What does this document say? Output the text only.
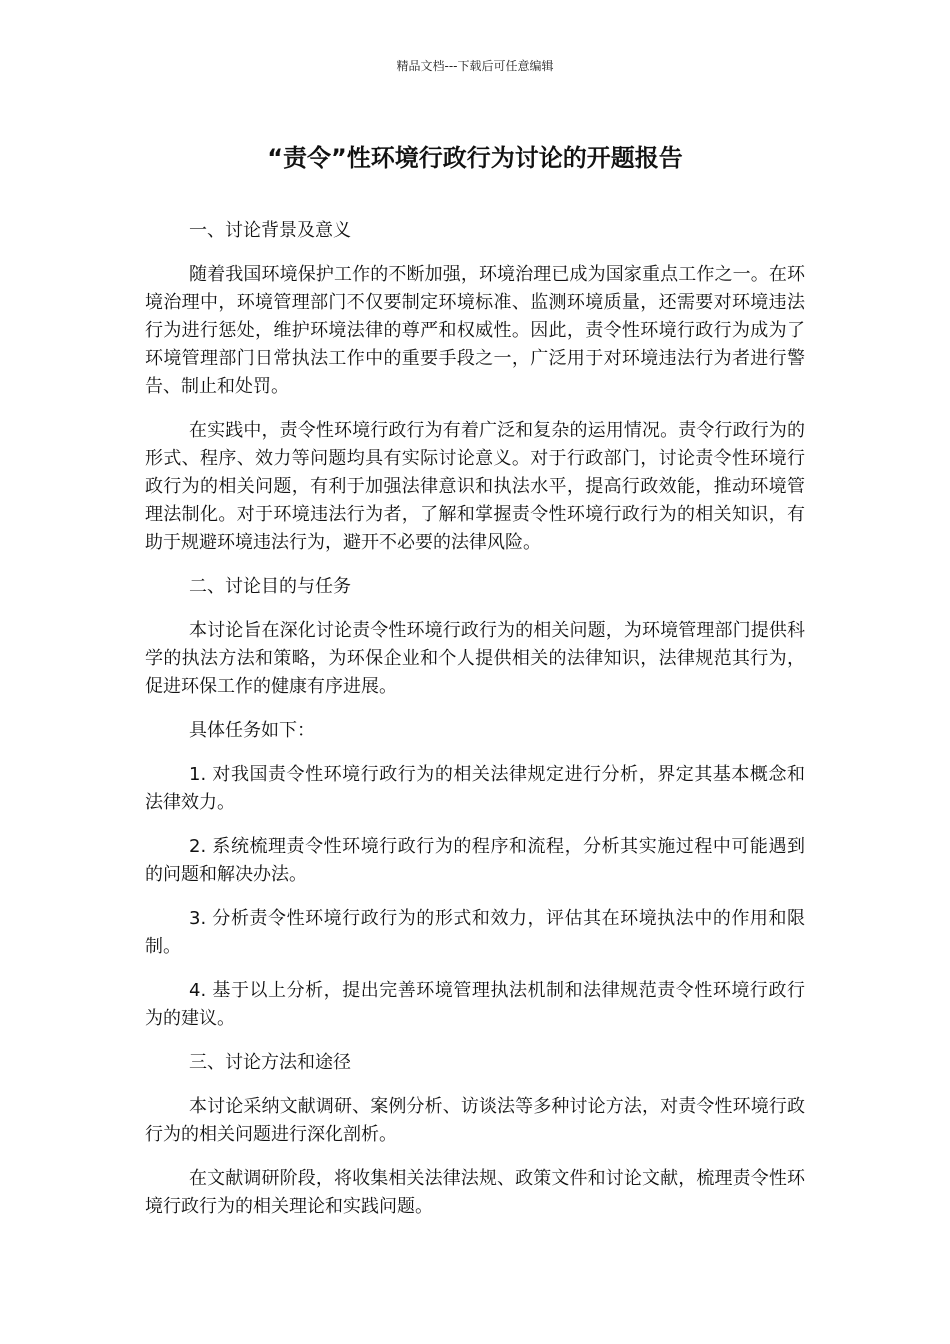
精品文档---下载后可任意编辑
“责令”性环境行政行为讨论的开题报告

一、讨论背景及意义

随着我国环境保护工作的不断加强，环境治理已成为国家重点工作之一。在环境治理中，环境管理部门不仅要制定环境标准、监测环境质量，还需要对环境违法行为进行惩处，维护环境法律的尊严和权威性。因此，责令性环境行政行为成为了环境管理部门日常执法工作中的重要手段之一，广泛用于对环境违法行为者进行警告、制止和处罚。

在实践中，责令性环境行政行为有着广泛和复杂的运用情况。责令行政行为的形式、程序、效力等问题均具有实际讨论意义。对于行政部门，讨论责令性环境行政行为的相关问题，有利于加强法律意识和执法水平，提高行政效能，推动环境管理法制化。对于环境违法行为者，了解和掌握责令性环境行政行为的相关知识，有助于规避环境违法行为，避开不必要的法律风险。

二、讨论目的与任务

本讨论旨在深化讨论责令性环境行政行为的相关问题，为环境管理部门提供科学的执法方法和策略，为环保企业和个人提供相关的法律知识，法律规范其行为，促进环保工作的健康有序进展。

具体任务如下：

1. 对我国责令性环境行政行为的相关法律规定进行分析，界定其基本概念和法律效力。

2. 系统梳理责令性环境行政行为的程序和流程，分析其实施过程中可能遇到的问题和解决办法。

3. 分析责令性环境行政行为的形式和效力，评估其在环境执法中的作用和限制。

4. 基于以上分析，提出完善环境管理执法机制和法律规范责令性环境行政行为的建议。

三、讨论方法和途径

本讨论采纳文献调研、案例分析、访谈法等多种讨论方法，对责令性环境行政行为的相关问题进行深化剖析。

在文献调研阶段，将收集相关法律法规、政策文件和讨论文献，梳理责令性环境行政行为的相关理论和实践问题。
